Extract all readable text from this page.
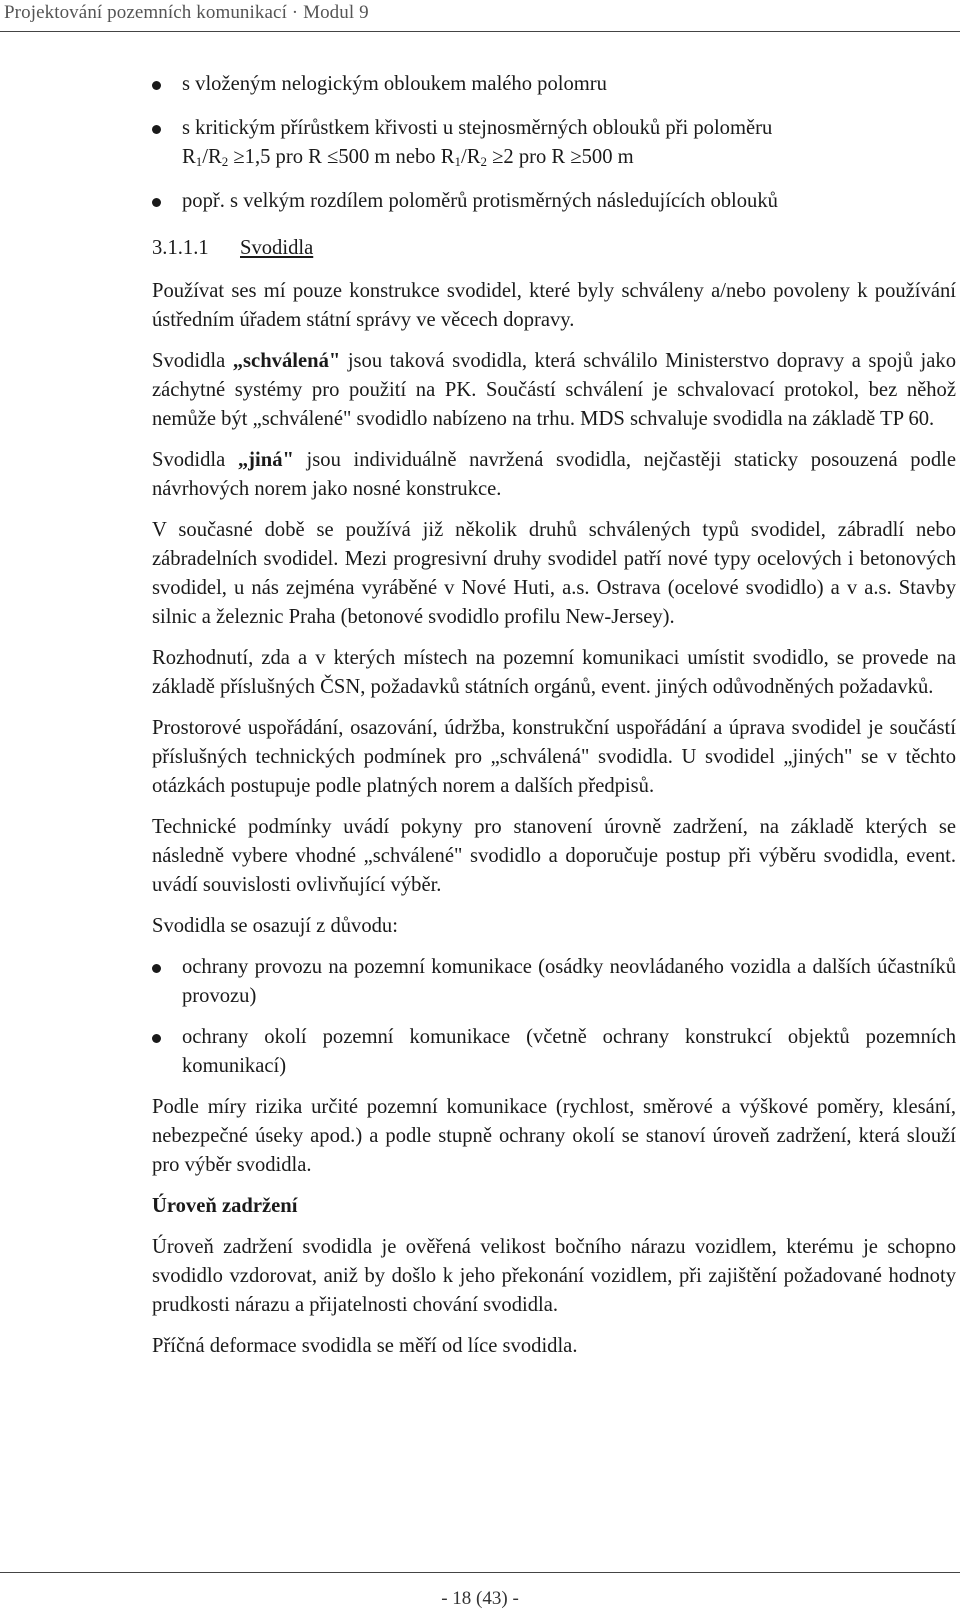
Projektování pozemních komunikací · Modul 9
s vloženým nelogickým obloukem malého polomru
s kritickým přírůstkem křivosti u stejnosměrných oblouků při poloměru
$R_1/R_2 \ge 1,5$ pro R ≤500 m nebo $R_1/R_2 \ge 2$ pro R ≥500 m
popř. s velkým rozdílem poloměrů protisměrných následujících oblouků

3.1.1.1 Svodidla

Používat ses mí pouze konstrukce svodidel, které byly schváleny a/nebo povoleny k používání ústředním úřadem státní správy ve věcech dopravy.

Svodidla „schválená" jsou taková svodidla, která schválilo Ministerstvo dopravy a spojů jako záchytné systémy pro použití na PK. Součástí schválení je schvalovací protokol, bez něhož nemůže být „schválené" svodidlo nabízeno na trhu. MDS schvaluje svodidla na základě TP 60.

Svodidla „jiná" jsou individuálně navržená svodidla, nejčastěji staticky posouzená podle návrhových norem jako nosné konstrukce.

V současné době se používá již několik druhů schválených typů svodidel, zábradlí nebo zábradelních svodidel. Mezi progresivní druhy svodidel patří nové typy ocelových i betonových svodidel, u nás zejména vyráběné v Nové Huti, a.s. Ostrava (ocelové svodidlo) a v a.s. Stavby silnic a železnic Praha (betonové svodidlo profilu New-Jersey).

Rozhodnutí, zda a v kterých místech na pozemní komunikaci umístit svodidlo, se provede na základě příslušných ČSN, požadavků státních orgánů, event. jiných odůvodněných požadavků.

Prostorové uspořádání, osazování, údržba, konstrukční uspořádání a úprava svodidel je součástí příslušných technických podmínek pro „schválená" svodidla. U svodidel „jiných" se v těchto otázkách postupuje podle platných norem a dalších předpisů.

Technické podmínky uvádí pokyny pro stanovení úrovně zadržení, na základě kterých se následně vybere vhodné „schválené" svodidlo a doporučuje postup při výběru svodidla, event. uvádí souvislosti ovlivňující výběr.

Svodidla se osazují z důvodu:

ochrany provozu na pozemní komunikace (osádky neovládaného vozidla a dalších účastníků provozu)
ochrany okolí pozemní komunikace (včetně ochrany konstrukcí objektů pozemních komunikací)

Podle míry rizika určité pozemní komunikace (rychlost, směrové a výškové poměry, klesání, nebezpečné úseky apod.) a podle stupně ochrany okolí se stanoví úroveň zadržení, která slouží pro výběr svodidla.

Úroveň zadržení

Úroveň zadržení svodidla je ověřená velikost bočního nárazu vozidlem, kterému je schopno svodidlo vzdorovat, aniž by došlo k jeho překonání vozidlem, při zajištění požadované hodnoty prudkosti nárazu a přijatelnosti chování svodidla.

Příčná deformace svodidla se měří od líce svodidla.

- 18 (43) -
